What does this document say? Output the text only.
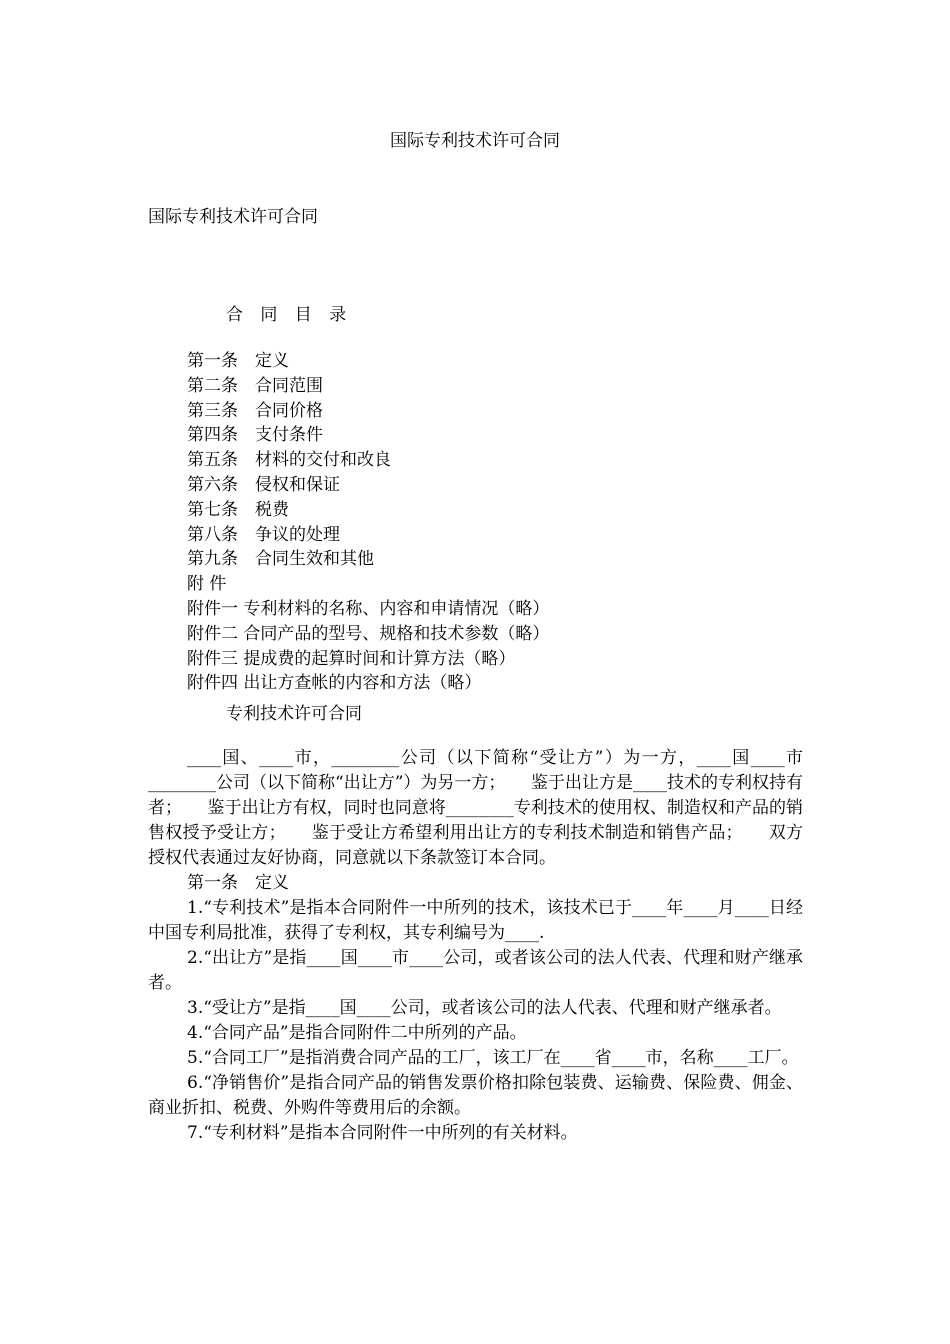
国际专利技术许可合同
国际专利技术许可合同
合 同 目 录
第一条　定义
第二条　合同范围
第三条　合同价格
第四条　支付条件
第五条　材料的交付和改良
第六条　侵权和保证
第七条　税费
第八条　争议的处理
第九条　合同生效和其他
附 件
附件一 专利材料的名称、内容和申请情况（略）
附件二 合同产品的型号、规格和技术参数（略）
附件三 提成费的起算时间和计算方法（略）
附件四 出让方查帐的内容和方法（略）
专利技术许可合同

____国、____市，________公司（以下简称“受让方”）为一方，____国____市________公司（以下简称“出让方”）为另一方；　　鉴于出让方是____技术的专利权持有者；　　鉴于出让方有权，同时也同意将________专利技术的使用权、制造权和产品的销售权授予受让方；　　鉴于受让方希望利用出让方的专利技术制造和销售产品；　　双方授权代表通过友好协商，同意就以下条款签订本合同。

第一条　定义

1.“专利技术”是指本合同附件一中所列的技术，该技术已于____年____月____日经中国专利局批准，获得了专利权，其专利编号为____.

2.“出让方”是指____国____市____公司，或者该公司的法人代表、代理和财产继承者。

3.“受让方”是指____国____公司，或者该公司的法人代表、代理和财产继承者。

4.“合同产品”是指合同附件二中所列的产品。

5.“合同工厂”是指消费合同产品的工厂，该工厂在____省____市，名称____工厂。

6.“净销售价”是指合同产品的销售发票价格扣除包装费、运输费、保险费、佣金、商业折扣、税费、外购件等费用后的余额。

7.“专利材料”是指本合同附件一中所列的有关材料。
